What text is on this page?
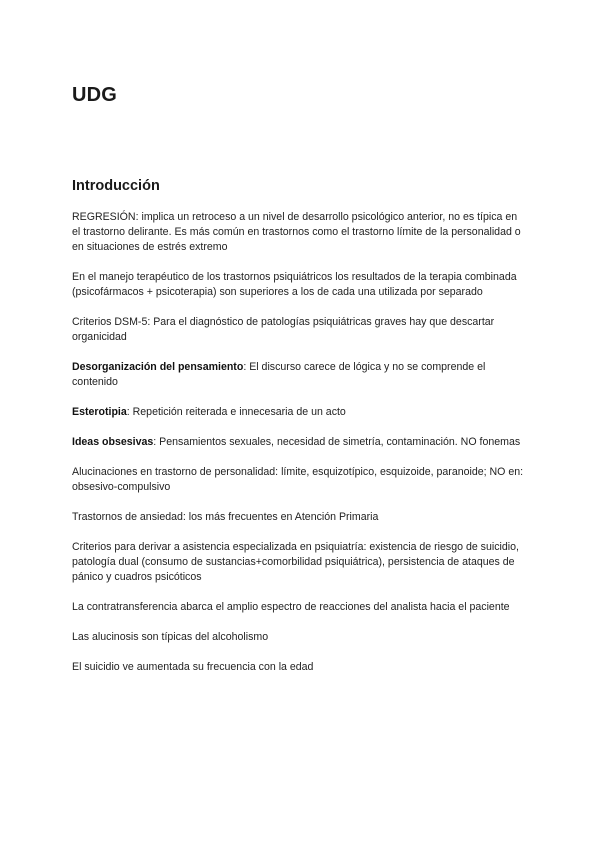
UDG
Introducción

REGRESIÓN: implica un retroceso a un nivel de desarrollo psicológico anterior, no es típica en el trastorno delirante. Es más común en trastornos como el trastorno límite de la personalidad o en situaciones de estrés extremo

En el manejo terapéutico de los trastornos psiquiátricos los resultados de la terapia combinada (psicofármacos + psicoterapia) son superiores a los de cada una utilizada por separado

Criterios DSM-5: Para el diagnóstico de patologías psiquiátricas graves hay que descartar organicidad

Desorganización del pensamiento: El discurso carece de lógica y no se comprende el contenido

Esterotipia: Repetición reiterada e innecesaria de un acto

Ideas obsesivas: Pensamientos sexuales, necesidad de simetría, contaminación. NO fonemas

Alucinaciones en trastorno de personalidad: límite, esquizotípico, esquizoide, paranoide; NO en: obsesivo-compulsivo

Trastornos de ansiedad: los más frecuentes en Atención Primaria

Criterios para derivar a asistencia especializada en psiquiatría: existencia de riesgo de suicidio, patología dual (consumo de sustancias+comorbilidad psiquiátrica), persistencia de ataques de pánico y cuadros psicóticos

La contratransferencia abarca el amplio espectro de reacciones del analista hacia el paciente

Las alucinosis son típicas del alcoholismo

El suicidio ve aumentada su frecuencia con la edad
